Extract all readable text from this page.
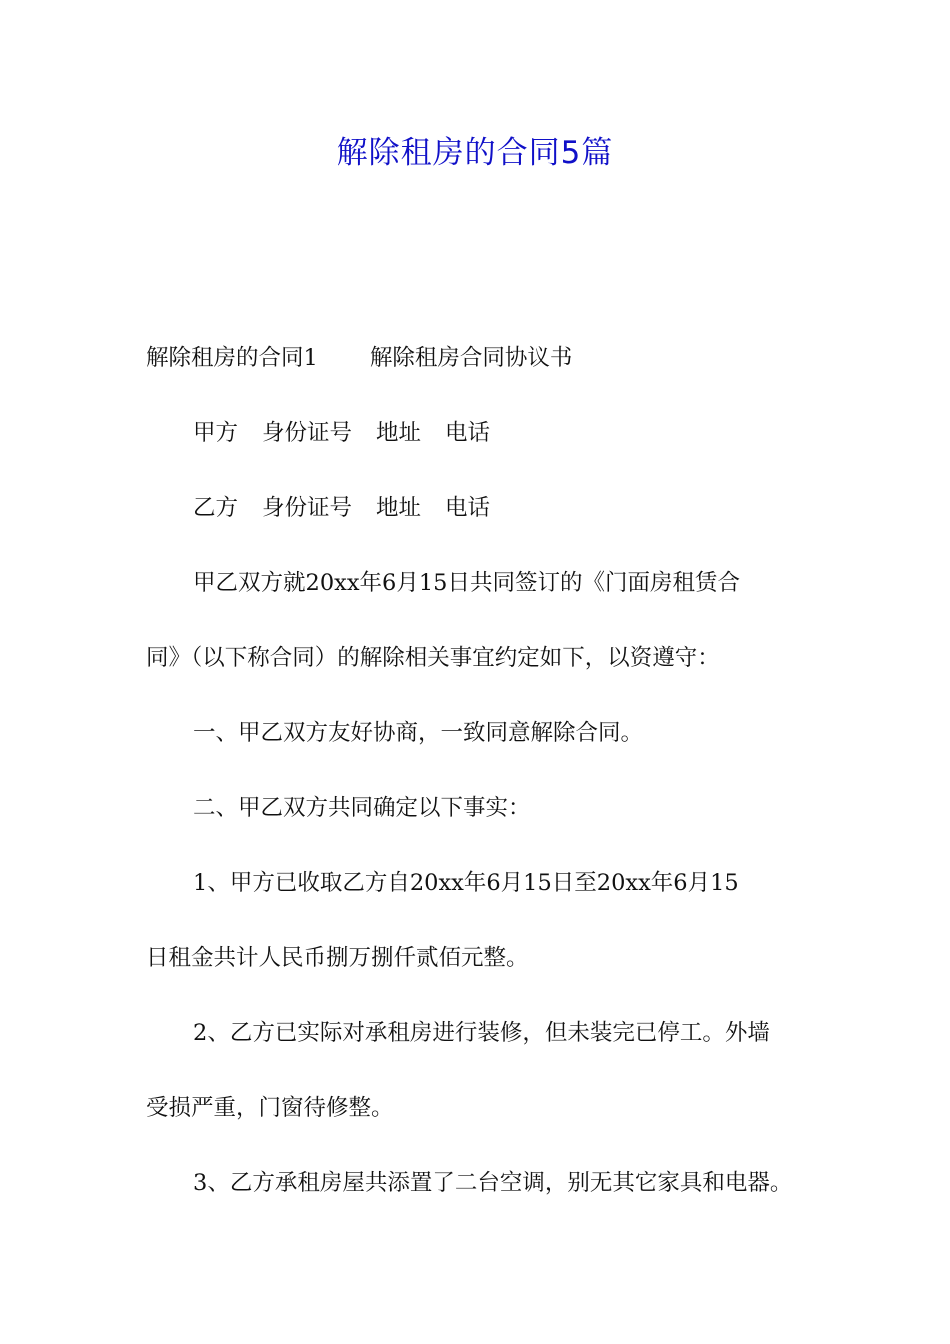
解除租房的合同5篇
解除租房的合同1 解除租房合同协议书
甲方 身份证号 地址 电话
乙方 身份证号 地址 电话
甲乙双方就20xx年6月15日共同签订的《门面房租赁合
同》（以下称合同）的解除相关事宜约定如下，以资遵守：
一、甲乙双方友好协商，一致同意解除合同。
二、甲乙双方共同确定以下事实：
1、甲方已收取乙方自20xx年6月15日至20xx年6月15
日租金共计人民币捌万捌仟贰佰元整。
2、乙方已实际对承租房进行装修，但未装完已停工。外墙
受损严重，门窗待修整。
3、乙方承租房屋共添置了二台空调，别无其它家具和电器。
